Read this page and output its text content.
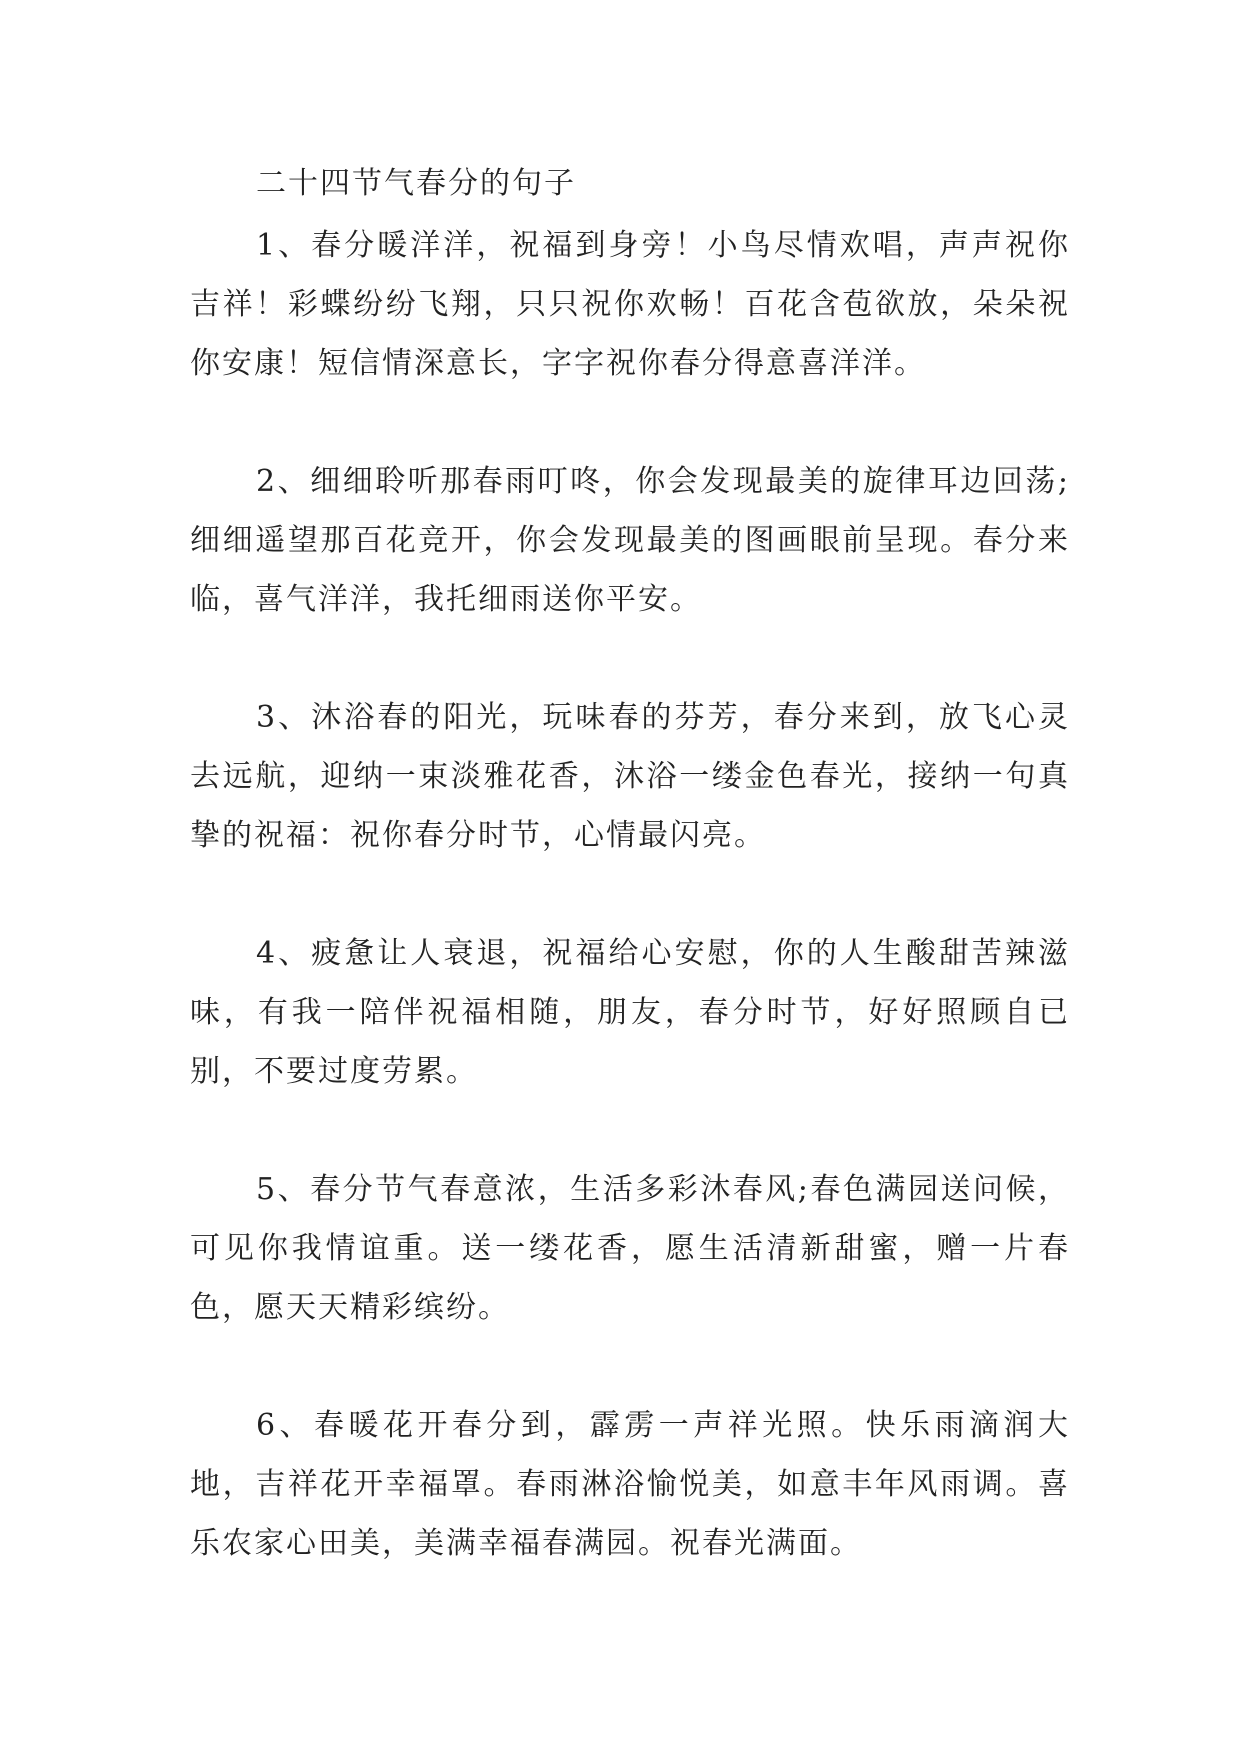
二十四节气春分的句子

1、春分暖洋洋，祝福到身旁！小鸟尽情欢唱，声声祝你吉祥！彩蝶纷纷飞翔，只只祝你欢畅！百花含苞欲放，朵朵祝你安康！短信情深意长，字字祝你春分得意喜洋洋。

2、细细聆听那春雨叮咚，你会发现最美的旋律耳边回荡;细细遥望那百花竞开，你会发现最美的图画眼前呈现。春分来临，喜气洋洋，我托细雨送你平安。

3、沐浴春的阳光，玩味春的芬芳，春分来到，放飞心灵去远航，迎纳一束淡雅花香，沐浴一缕金色春光，接纳一句真挚的祝福：祝你春分时节，心情最闪亮。

4、疲惫让人衰退，祝福给心安慰，你的人生酸甜苦辣滋味，有我一陪伴祝福相随，朋友，春分时节，好好照顾自已别，不要过度劳累。

5、春分节气春意浓，生活多彩沐春风;春色满园送问候，可见你我情谊重。送一缕花香，愿生活清新甜蜜，赠一片春色，愿天天精彩缤纷。

6、春暖花开春分到，霹雳一声祥光照。快乐雨滴润大地，吉祥花开幸福罩。春雨淋浴愉悦美，如意丰年风雨调。喜乐农家心田美，美满幸福春满园。祝春光满面。
